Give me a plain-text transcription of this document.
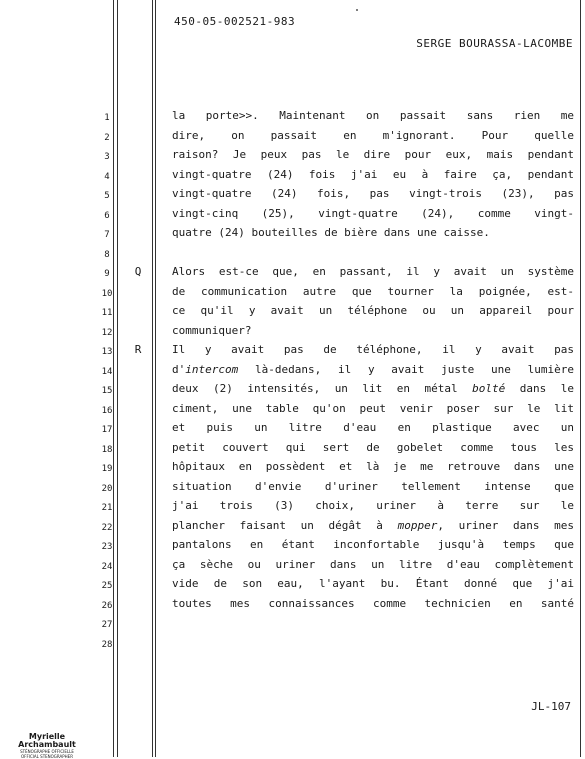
450-05-002521-983
SERGE BOURASSA-LACOMBE
1	la porte>>. Maintenant on passait sans rien me
2	dire, on passait en m'ignorant. Pour quelle
3	raison? Je peux pas le dire pour eux, mais pendant
4	vingt-quatre (24) fois j'ai eu à faire ça, pendant
5	vingt-quatre (24) fois, pas vingt-trois (23), pas
6	vingt-cinq (25), vingt-quatre (24), comme vingt-
7	quatre (24) bouteilles de bière dans une caisse.
8
9	Q	Alors est-ce que, en passant, il y avait un système
10	de communication autre que tourner la poignée, est-
11	ce qu'il y avait un téléphone ou un appareil pour
12	communiquer?
13	R	Il y avait pas de téléphone, il y avait pas
14	d'intercom là-dedans, il y avait juste une lumière
15	deux (2) intensités, un lit en métal bolté dans le
16	ciment, une table qu'on peut venir poser sur le lit
17	et puis un litre d'eau en plastique avec un
18	petit couvert qui sert de gobelet comme tous les
19	hôpitaux en possèdent et là je me retrouve dans une
20	situation d'envie d'uriner tellement intense que
21	j'ai trois (3) choix, uriner à terre sur le
22	plancher faisant un dégât à mopper, uriner dans mes
23	pantalons en étant inconfortable jusqu'à temps que
24	ça sèche ou uriner dans un litre d'eau complètement
25	vide de son eau, l'ayant bu. Étant donné que j'ai
26	toutes mes connaissances comme technicien en santé
27
28
JL-107
Myrielle Archambault
STÉNOGRAPHE OFFICIELLE
OFFICIAL STENOGRAPHER
